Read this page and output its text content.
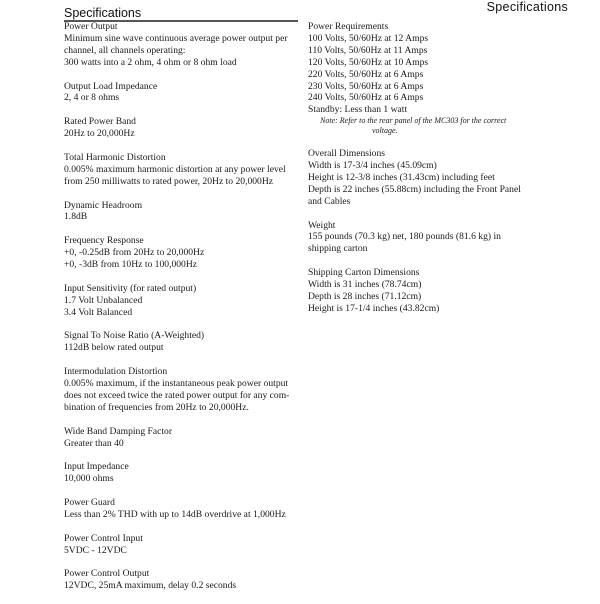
Specifications
Specifications
Power Output
Minimum sine wave continuous average power output per
channel, all channels operating:
300 watts into a 2 ohm, 4 ohm or 8 ohm load
Output Load Impedance
2, 4 or 8 ohms
Rated Power Band
20Hz to 20,000Hz
Total Harmonic Distortion
0.005% maximum harmonic distortion at any power level
from 250 milliwatts to rated power, 20Hz to 20,000Hz
Dynamic Headroom
1.8dB
Frequency Response
+0, -0.25dB from 20Hz to 20,000Hz
+0, -3dB from 10Hz to 100,000Hz
Input Sensitivity (for rated output)
1.7 Volt Unbalanced
3.4 Volt Balanced
Signal To Noise Ratio (A-Weighted)
112dB below rated output
Intermodulation Distortion
0.005% maximum, if the instantaneous peak power output
does not exceed twice the rated power output for any com-
bination of frequencies from 20Hz to 20,000Hz.
Wide Band Damping Factor
Greater than 40
Input Impedance
10,000 ohms
Power Guard
Less than 2% THD with up to 14dB overdrive at 1,000Hz
Power Control Input
5VDC - 12VDC
Power Control Output
12VDC, 25mA maximum, delay 0.2 seconds
Power Requirements
100 Volts, 50/60Hz at 12 Amps
110 Volts, 50/60Hz at 11 Amps
120 Volts, 50/60Hz at 10 Amps
220 Volts, 50/60Hz at 6 Amps
230 Volts, 50/60Hz at 6 Amps
240 Volts, 50/60Hz at 6 Amps
Standby: Less than 1 watt
Note: Refer to the rear panel of the MC303 for the correct
voltage.
Overall Dimensions
Width is 17-3/4 inches (45.09cm)
Height is 12-3/8 inches (31.43cm) including feet
Depth is 22 inches (55.88cm) including the Front Panel
and Cables
Weight
155 pounds (70.3 kg) net, 180 pounds (81.6 kg) in
shipping carton
Shipping Carton Dimensions
Width is 31 inches (78.74cm)
Depth is 28 inches (71.12cm)
Height is 17-1/4 inches (43.82cm)
